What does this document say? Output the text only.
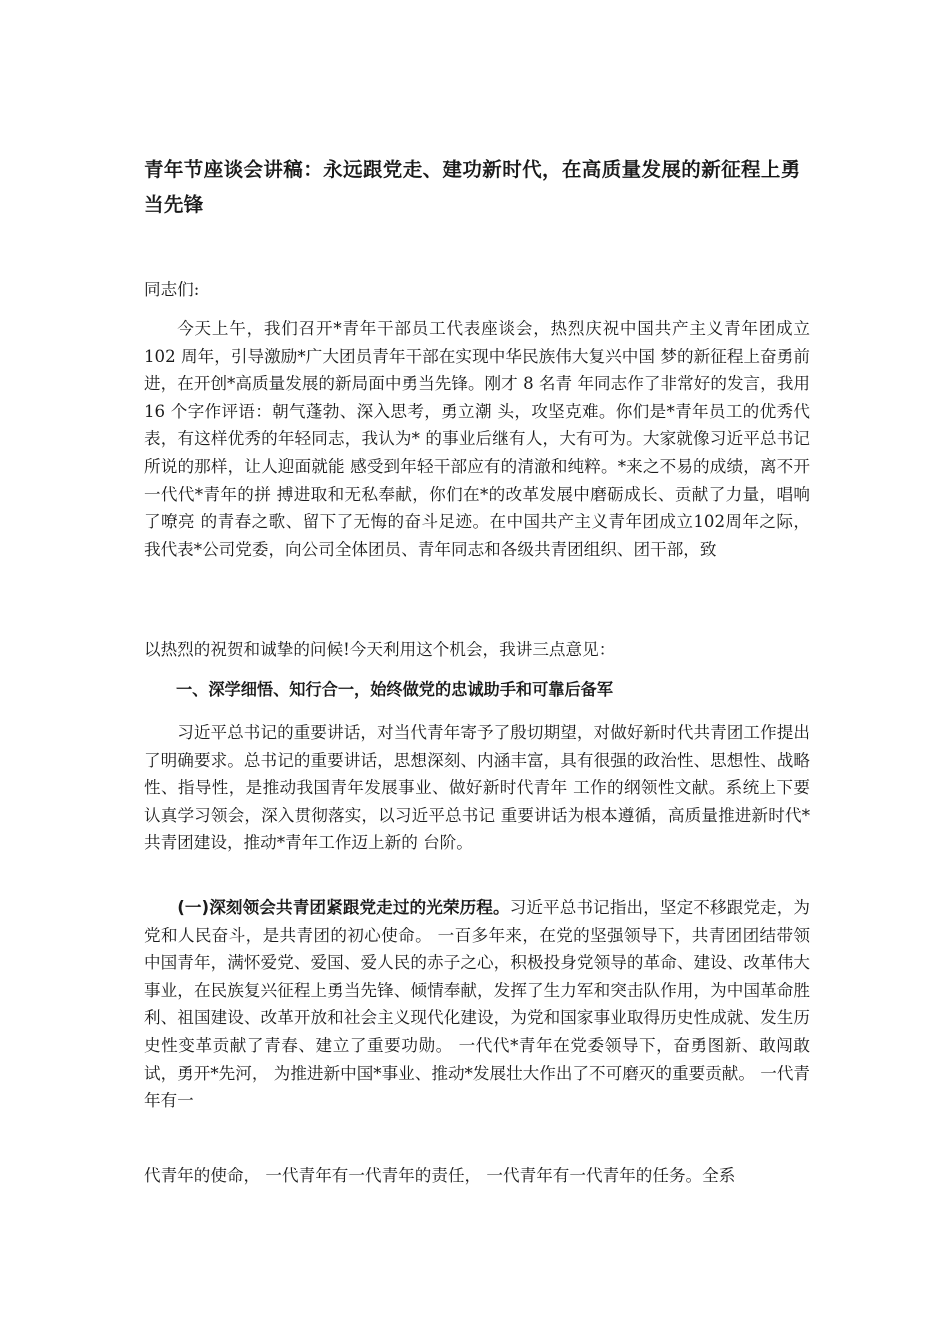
青年节座谈会讲稿：永远跟党走、建功新时代，在高质量发展的新征程上勇当先锋

同志们:

今天上午，我们召开*青年干部员工代表座谈会，热烈庆祝中国共产主义青年团成立102 周年，引导激励*广大团员青年干部在实现中华民族伟大复兴中国 梦的新征程上奋勇前进，在开创*高质量发展的新局面中勇当先锋。刚才 8 名青 年同志作了非常好的发言，我用 16 个字作评语：朝气蓬勃、深入思考，勇立潮 头，攻坚克难。你们是*青年员工的优秀代表，有这样优秀的年轻同志，我认为* 的事业后继有人，大有可为。大家就像习近平总书记所说的那样，让人迎面就能 感受到年轻干部应有的清澈和纯粹。*来之不易的成绩，离不开一代代*青年的拼 搏进取和无私奉献，你们在*的改革发展中磨砺成长、贡献了力量，唱响了嘹亮 的青春之歌、留下了无悔的奋斗足迹。在中国共产主义青年团成立102周年之际， 我代表*公司党委，向公司全体团员、青年同志和各级共青团组织、团干部，致

以热烈的祝贺和诚挚的问候!今天利用这个机会，我讲三点意见：

一、深学细悟、知行合一，始终做党的忠诚助手和可靠后备军

习近平总书记的重要讲话，对当代青年寄予了殷切期望，对做好新时代共青团工作提出了明确要求。总书记的重要讲话，思想深刻、内涵丰富，具有很强的政治性、思想性、战略性、指导性，是推动我国青年发展事业、做好新时代青年 工作的纲领性文献。系统上下要认真学习领会，深入贯彻落实，以习近平总书记 重要讲话为根本遵循，高质量推进新时代*共青团建设，推动*青年工作迈上新的 台阶。

(一)深刻领会共青团紧跟党走过的光荣历程。习近平总书记指出，坚定不移跟党走，为党和人民奋斗，是共青团的初心使命。 一百多年来，在党的坚强领导下，共青团团结带领中国青年，满怀爱党、爱国、爱人民的赤子之心，积极投身党领导的革命、建设、改革伟大事业，在民族复兴征程上勇当先锋、倾情奉献，发挥了生力军和突击队作用，为中国革命胜利、祖国建设、改革开放和社会主义现代化建设，为党和国家事业取得历史性成就、发生历史性变革贡献了青春、建立了重要功勋。 一代代*青年在党委领导下，奋勇图新、敢闯敢试，勇开*先河， 为推进新中国*事业、推动*发展壮大作出了不可磨灭的重要贡献。 一代青年有一

代青年的使命， 一代青年有一代青年的责任， 一代青年有一代青年的任务。全系
